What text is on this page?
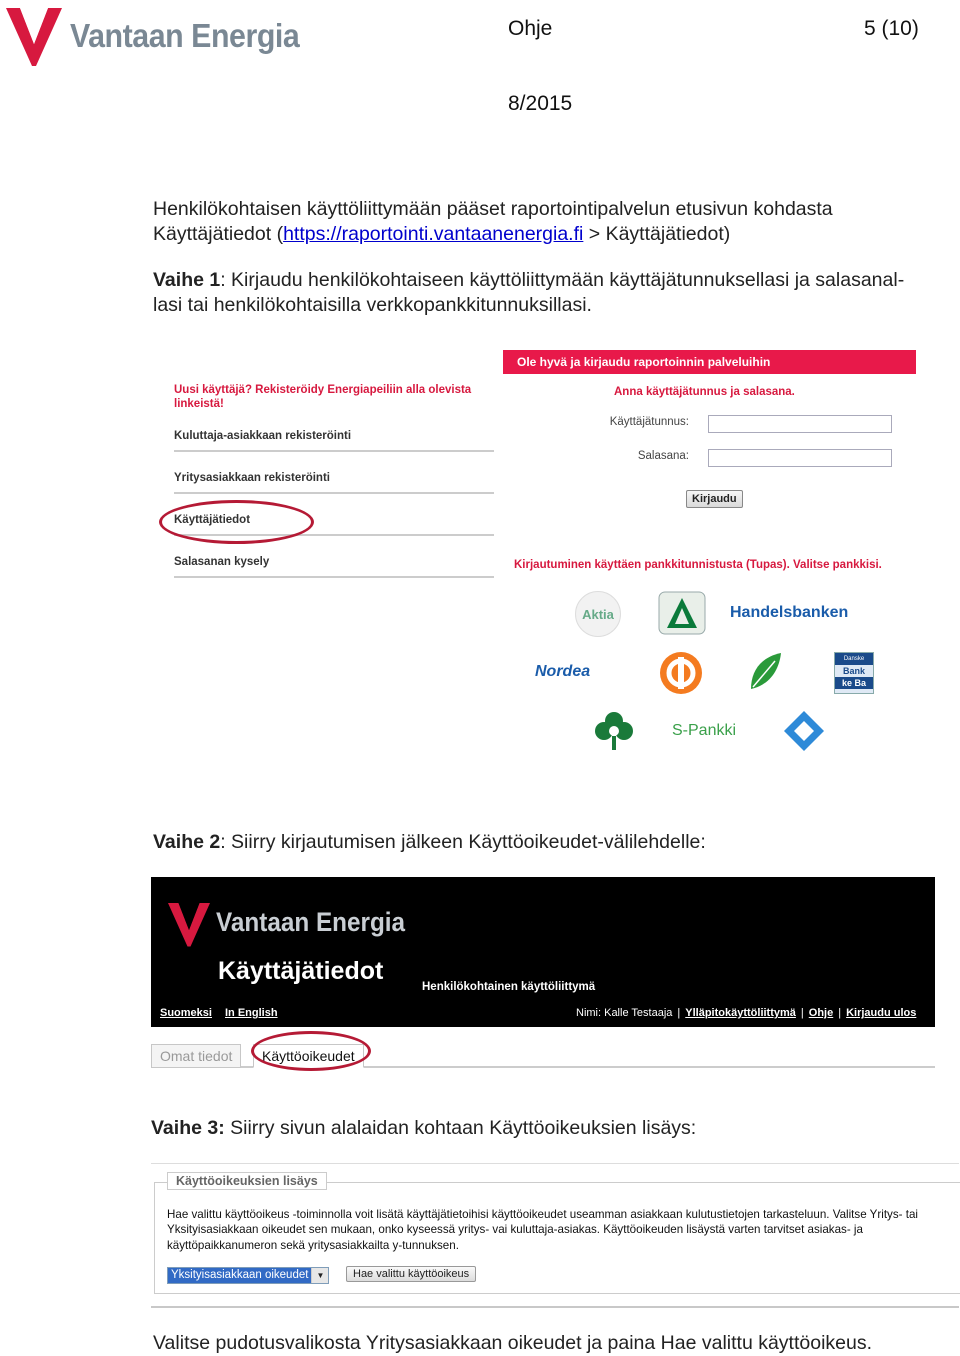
Vantaan Energia	Ohje	5 (10)
8/2015
Henkilökohtaisen käyttöliittymään pääset raportointipalvelun etusivun kohdasta
Käyttäjätiedot (https://raportointi.vantaanenergia.fi > Käyttäjätiedot)
Vaihe 1: Kirjaudu henkilökohtaiseen käyttöliittymään käyttäjätunnuksellasi ja salasanal-
lasi tai henkilökohtaisilla verkkopankkitunnuksillasi.
Ole hyvä ja kirjaudu raportoinnin palveluihin
Uusi käyttäjä? Rekisteröidy Energiapeiliin alla olevista
linkeistä!
Kuluttaja-asiakkaan rekisteröinti
Yritysasiakkaan rekisteröinti
Käyttäjätiedot
Salasanan kysely
Anna käyttäjätunnus ja salasana.
Käyttäjätunnus:
Salasana:
Kirjaudu
Kirjautuminen käyttäen pankkitunnistusta (Tupas). Valitse pankkisi.
Aktia	Handelsbanken
Nordea
Danske
Bank
ke Ba
S-Pankki
Vaihe 2: Siirry kirjautumisen jälkeen Käyttöoikeudet-välilehdelle:
Vantaan Energia
Käyttäjätiedot
Henkilökohtainen käyttöliittymä
Suomeksi In English	Nimi: Kalle Testaaja | Ylläpitokäyttöliittymä | Ohje | Kirjaudu ulos
Omat tiedot	Käyttöoikeudet
Vaihe 3: Siirry sivun alalaidan kohtaan Käyttöoikeuksien lisäys:
Käyttöoikeuksien lisäys
Hae valittu käyttöoikeus -toiminnolla voit lisätä käyttäjätietoihisi käyttöoikeudet useamman asiakkaan kulutustietojen tarkasteluun. Valitse Yritys- tai
Yksityisasiakkaan oikeudet sen mukaan, onko kyseessä yritys- vai kuluttaja-asiakas. Käyttöoikeuden lisäystä varten tarvitset asiakas- ja
käyttöpaikkanumeron sekä yritysasiakkailta y-tunnuksen.
Yksityisasiakkaan oikeudet	▼	Hae valittu käyttöoikeus
Valitse pudotusvalikosta Yritysasiakkaan oikeudet ja paina Hae valittu käyttöoikeus.
